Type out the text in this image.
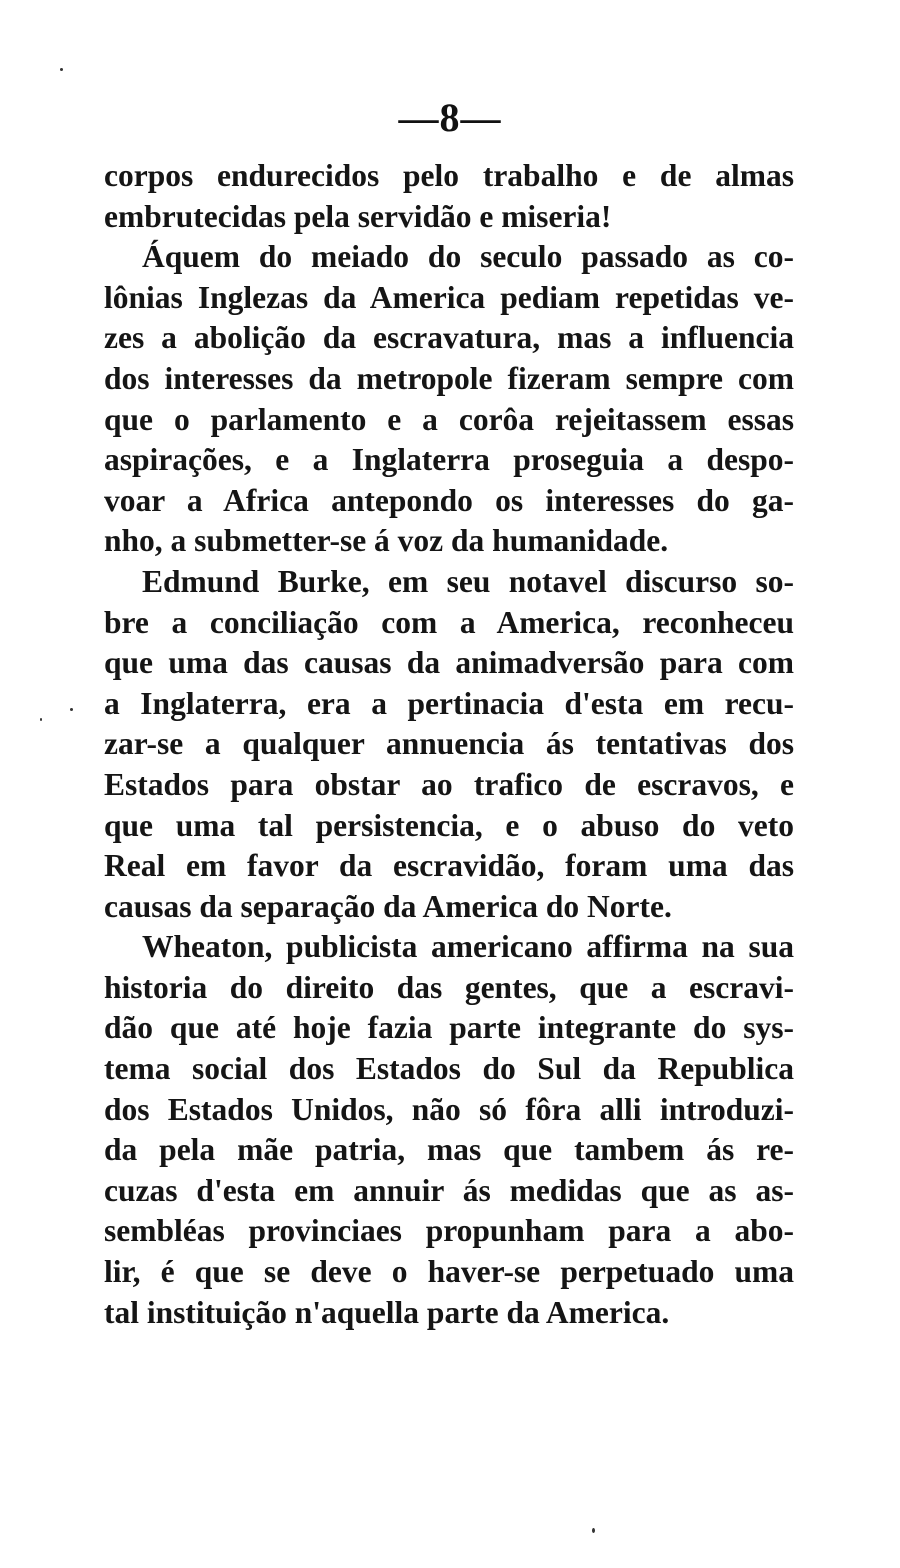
—8—

corpos endurecidos pelo trabalho e de almas
embrutecidas pela servidão e miseria!

Áquem do meiado do seculo passado as co-
lônias Inglezas da America pediam repetidas ve-
zes a abolição da escravatura, mas a influencia
dos interesses da metropole fizeram sempre com
que o parlamento e a corôa rejeitassem essas
aspirações, e a Inglaterra proseguia a despo-
voar a Africa antepondo os interesses do ga-
nho, a submetter-se á voz da humanidade.

Edmund Burke, em seu notavel discurso so-
bre a conciliação com a America, reconheceu
que uma das causas da animadversão para com
a Inglaterra, era a pertinacia d'esta em recu-
zar-se a qualquer annuencia ás tentativas dos
Estados para obstar ao trafico de escravos, e
que uma tal persistencia, e o abuso do veto
Real em favor da escravidão, foram uma das
causas da separação da America do Norte.

Wheaton, publicista americano affirma na sua
historia do direito das gentes, que a escravi-
dão que até hoje fazia parte integrante do sys-
tema social dos Estados do Sul da Republica
dos Estados Unidos, não só fôra alli introduzi-
da pela mãe patria, mas que tambem ás re-
cuzas d'esta em annuir ás medidas que as as-
sembléas provinciaes propunham para a abo-
lir, é que se deve o haver-se perpetuado uma
tal instituição n'aquella parte da America.
